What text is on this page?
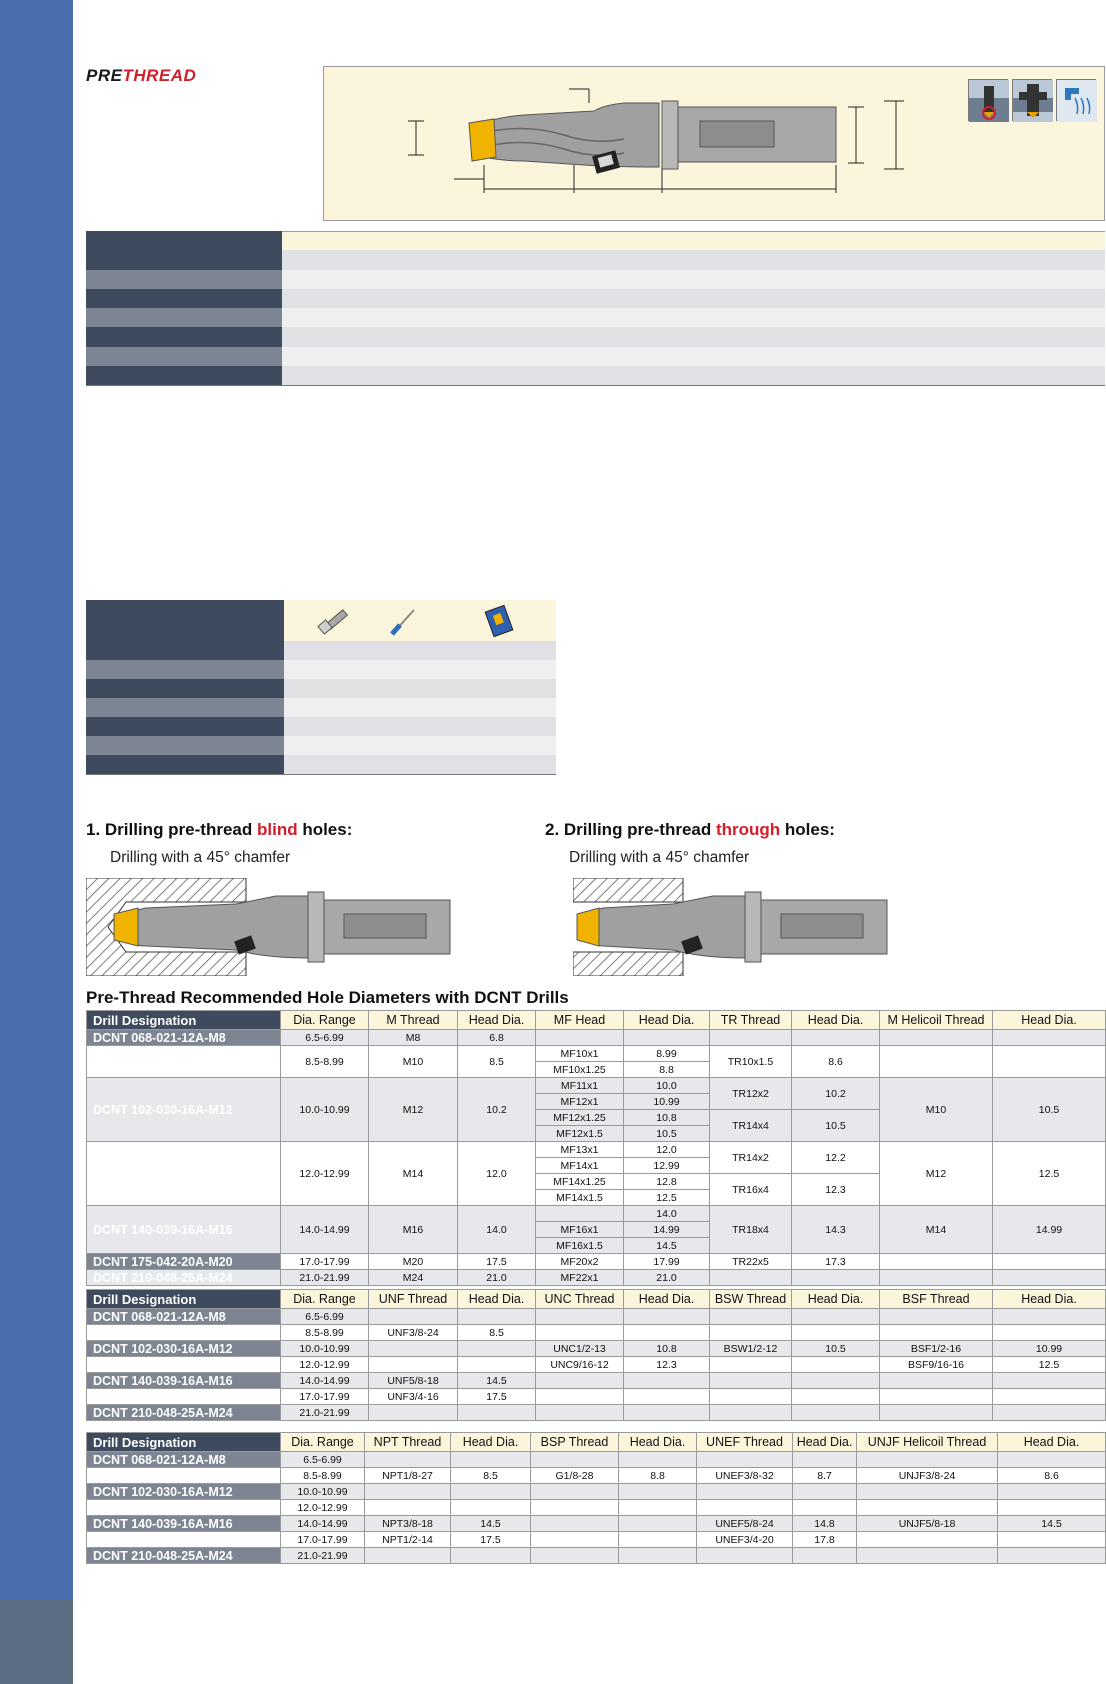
PRETHREAD
1. Drilling pre-thread blind holes:
Drilling with a 45° chamfer
2. Drilling pre-thread through holes:
Drilling with a 45° chamfer
Pre-Thread Recommended Hole Diameters with DCNT Drills
Drill Designation	Dia. Range	M Thread	Head Dia.	MF Head	Head Dia.	TR Thread	Head Dia.	M Helicoil Thread	Head Dia.
DCNT 068-021-12A-M8	6.5-6.99	M8	6.8						
DCNT 085-026-12A-M10	8.5-8.99	M10	8.5	MF10x1	8.99	TR10x1.5	8.6		
				MF10x1.25	8.8				
DCNT 102-030-16A-M12	10.0-10.99	M12	10.2	MF11x1	10.0	TR12x2	10.2	M10	10.5
				MF12x1	10.99				
				MF12x1.25	10.8	TR14x4	10.5		
				MF12x1.5	10.5				
DCNT 120-035-16A-M14	12.0-12.99	M14	12.0	MF13x1	12.0	TR14x2	12.2	M12	12.5
				MF14x1	12.99				
				MF14x1.25	12.8	TR16x4	12.3		
				MF14x1.5	12.5				
DCNT 140-039-16A-M16	14.0-14.99	M16	14.0		14.0	TR18x4	14.3	M14	14.99
				MF16x1	14.99				
				MF16x1.5	14.5				
DCNT 175-042-20A-M20	17.0-17.99	M20	17.5	MF20x2	17.99	TR22x5	17.3		
DCNT 210-048-25A-M24	21.0-21.99	M24	21.0	MF22x1	21.0				
Drill Designation	Dia. Range	UNF Thread	Head Dia.	UNC Thread	Head Dia.	BSW Thread	Head Dia.	BSF Thread	Head Dia.
DCNT 068-021-12A-M8	6.5-6.99								
DCNT 085-026-12A-M10	8.5-8.99	UNF3/8-24	8.5						
DCNT 102-030-16A-M12	10.0-10.99			UNC1/2-13	10.8	BSW1/2-12	10.5	BSF1/2-16	10.99
DCNT 120-035-16A-M14	12.0-12.99			UNC9/16-12	12.3			BSF9/16-16	12.5
DCNT 140-039-16A-M16	14.0-14.99	UNF5/8-18	14.5						
DCNT 175-042-20A-M20	17.0-17.99	UNF3/4-16	17.5						
DCNT 210-048-25A-M24	21.0-21.99								
Drill Designation	Dia. Range	NPT Thread	Head Dia.	BSP Thread	Head Dia.	UNEF Thread	Head Dia.	UNJF Helicoil Thread	Head Dia.
DCNT 068-021-12A-M8	6.5-6.99								
DCNT 085-026-12A-M10	8.5-8.99	NPT1/8-27	8.5	G1/8-28	8.8	UNEF3/8-32	8.7	UNJF3/8-24	8.6
DCNT 102-030-16A-M12	10.0-10.99								
DCNT 120-035-16A-M14	12.0-12.99								
DCNT 140-039-16A-M16	14.0-14.99	NPT3/8-18	14.5			UNEF5/8-24	14.8	UNJF5/8-18	14.5
DCNT 175-042-20A-M20	17.0-17.99	NPT1/2-14	17.5			UNEF3/4-20	17.8		
DCNT 210-048-25A-M24	21.0-21.99								
